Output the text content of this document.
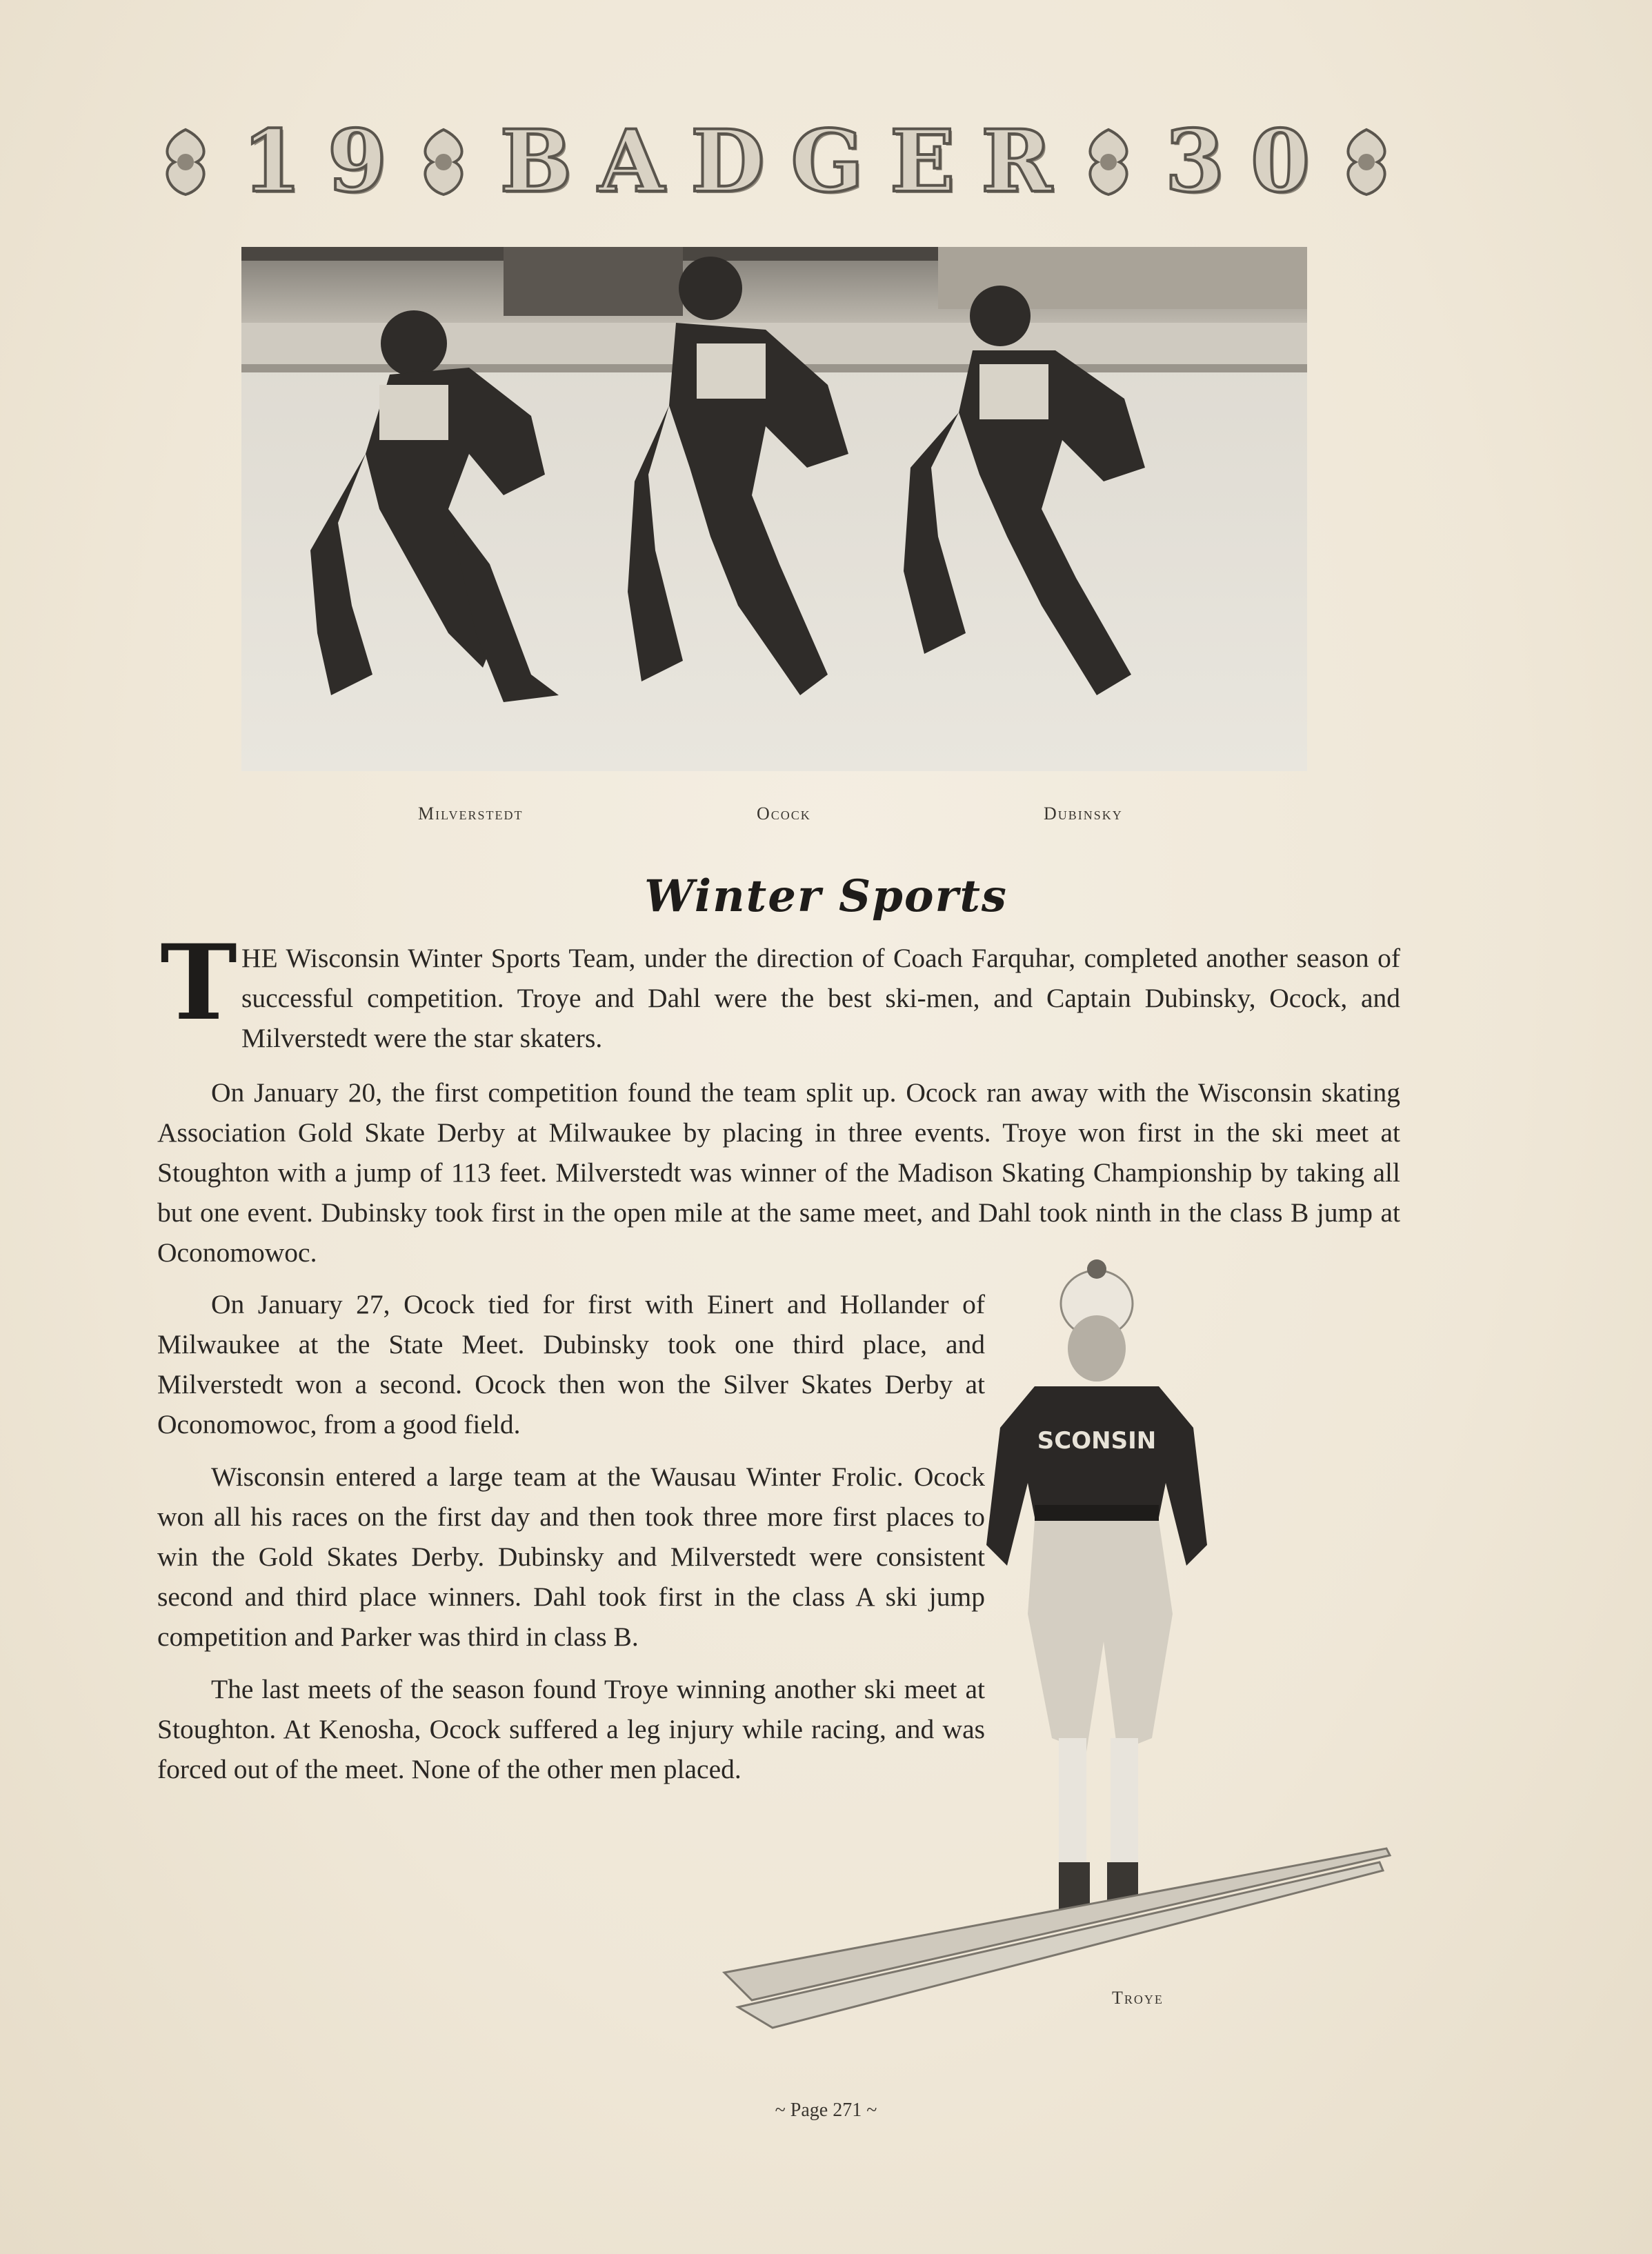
1 9 B A D G E R 3 0
Milverstedt	Ocock	Dubinsky
Winter Sports
T HE Wisconsin Winter Sports Team, under the direction of Coach Farquhar, completed another season of successful competition. Troye and Dahl were the best ski-men, and Captain Dubinsky, Ocock, and Milverstedt were the star skaters.

On January 20, the first competition found the team split up. Ocock ran away with the Wisconsin skating Association Gold Skate Derby at Milwaukee by placing in three events. Troye won first in the ski meet at Stoughton with a jump of 113 feet. Milverstedt was winner of the Madison Skating Championship by taking all but one event. Dubinsky took first in the open mile at the same meet, and Dahl took ninth in the class B jump at Oconomowoc.

On January 27, Ocock tied for first with Einert and Hollander of Milwaukee at the State Meet. Dubinsky took one third place, and Milverstedt won a second. Ocock then won the Silver Skates Derby at Oconomowoc, from a good field.

Wisconsin entered a large team at the Wausau Winter Frolic. Ocock won all his races on the first day and then took three more first places to win the Gold Skates Derby. Dubinsky and Milverstedt were consistent second and third place winners. Dahl took first in the class A ski jump competition and Parker was third in class B.

The last meets of the season found Troye winning another ski meet at Stoughton. At Kenosha, Ocock suffered a leg injury while racing, and was forced out of the meet. None of the other men placed.

SCONSIN
Troye
~ Page 271 ~
